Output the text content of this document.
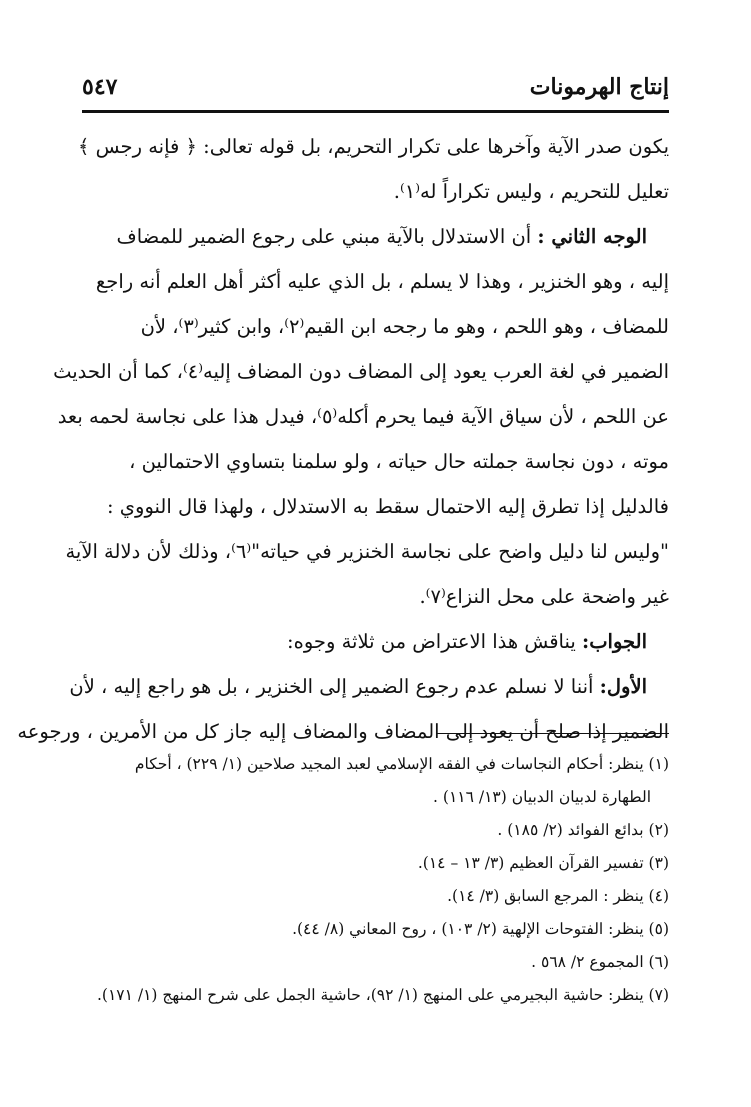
إنتاج الهرمونات
٥٤٧
يكون صدر الآية وآخرها على تكرار التحريم، بل قوله تعالى: ﴿ فإنه رجس ﴾
تعليل للتحريم ، وليس تكراراً له⁽١⁾.
الوجه الثاني : أن الاستدلال بالآية مبني على رجوع الضمير للمضاف
إليه ، وهو الخنزير ، وهذا لا يسلم ، بل الذي عليه أكثر أهل العلم أنه راجع
للمضاف ، وهو اللحم ، وهو ما رجحه ابن القيم⁽٢⁾، وابن كثير⁽٣⁾، لأن
الضمير في لغة العرب يعود إلى المضاف دون المضاف إليه⁽٤⁾، كما أن الحديث
عن اللحم ، لأن سياق الآية فيما يحرم أكله⁽٥⁾، فيدل هذا على نجاسة لحمه بعد
موته ، دون نجاسة جملته حال حياته ، ولو سلمنا بتساوي الاحتمالين ،
فالدليل إذا تطرق إليه الاحتمال سقط به الاستدلال ، ولهذا قال النووي :
"وليس لنا دليل واضح على نجاسة الخنزير في حياته"⁽٦⁾، وذلك لأن دلالة الآية
غير واضحة على محل النزاع⁽٧⁾.
الجواب: يناقش هذا الاعتراض من ثلاثة وجوه:
الأول: أننا لا نسلم عدم رجوع الضمير إلى الخنزير ، بل هو راجع إليه ، لأن
الضمير إذا صلح أن يعود إلى المضاف والمضاف إليه جاز كل من الأمرين ، ورجوعه
(١) ينظر: أحكام النجاسات في الفقه الإسلامي لعبد المجيد صلاحين (١/ ٢٢٩) ، أحكام
الطهارة لدبيان الدبيان (١٣/ ١١٦) .
(٢) بدائع الفوائد (٢/ ١٨٥) .
(٣) تفسير القرآن العظيم (٣/ ١٣ – ١٤).
(٤) ينظر : المرجع السابق (٣/ ١٤).
(٥) ينظر: الفتوحات الإلهية (٢/ ١٠٣) ، روح المعاني (٨/ ٤٤).
(٦) المجموع ٢/ ٥٦٨ .
(٧) ينظر: حاشية البجيرمي على المنهج (١/ ٩٢)، حاشية الجمل على شرح المنهج (١/ ١٧١).
